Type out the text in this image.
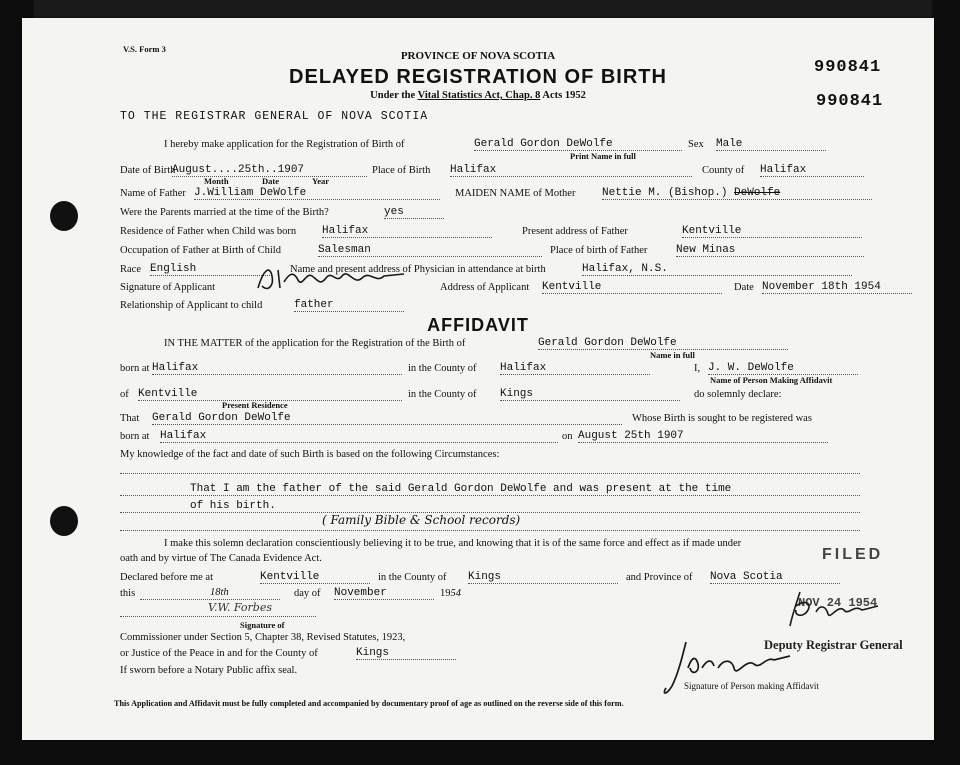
V.S. Form 3
990841
990841
PROVINCE OF NOVA SCOTIA
DELAYED REGISTRATION OF BIRTH
Under the Vital Statistics Act, Chap. 8 Acts 1952
TO THE REGISTRAR GENERAL OF NOVA SCOTIA
I hereby make application for the Registration of Birth of	Gerald Gordon DeWolfe
Print Name in full
Sex Male
Date of Birth
August....25th..1907
Month	Date	Year
Place of Birth Halifax	County of Halifax
Name of Father J.William DeWolfe	MAIDEN NAME of Mother Nettie M. (Bishop.) DeWolfe
Were the Parents married at the time of the Birth?	yes
Residence of Father when Child was born Halifax	Present address of Father	Kentville
Occupation of Father at Birth of Child	Salesman	Place of birth of Father	New Minas
Race English	Name and present address of Physician in attendance at birth	Halifax, N.S.
Signature of Applicant	Address of Applicant Kentville	Date November 18th 1954
Relationship of Applicant to child	father
AFFIDAVIT
IN THE MATTER of the application for the Registration of the Birth of	Gerald Gordon DeWolfe
Name in full
born at Halifax	in the County of Halifax	I, J. W. DeWolfe
Name of Person Making Affidavit
of Kentville
Present Residence
in the County of Kings	do solemnly declare:
That Gerald Gordon DeWolfe	Whose Birth is sought to be registered was
born at Halifax	on August 25th 1907
My knowledge of the fact and date of such Birth is based on the following Circumstances:
That I am the father of the said Gerald Gordon DeWolfe and was present at the time
of his birth.
( Family Bible & School records)
I make this solemn declaration conscientiously believing it to be true, and knowing that it is of the same force and effect as if made under
oath and by virtue of The Canada Evidence Act.
Declared before me at	Kentville	in the County of Kings	and Province of Nova Scotia
this	18th	day of November	1954
V.W. Forbes
Signature of
Commissioner under Section 5, Chapter 38, Revised Statutes, 1923,
or Justice of the Peace in and for the County of	Kings
If sworn before a Notary Public affix seal.
Signature of Person making Affidavit
This Application and Affidavit must be fully completed and accompanied by documentary proof of age as outlined on the reverse side of this form.
FILED
NOV 24 1954
Deputy Registrar General
